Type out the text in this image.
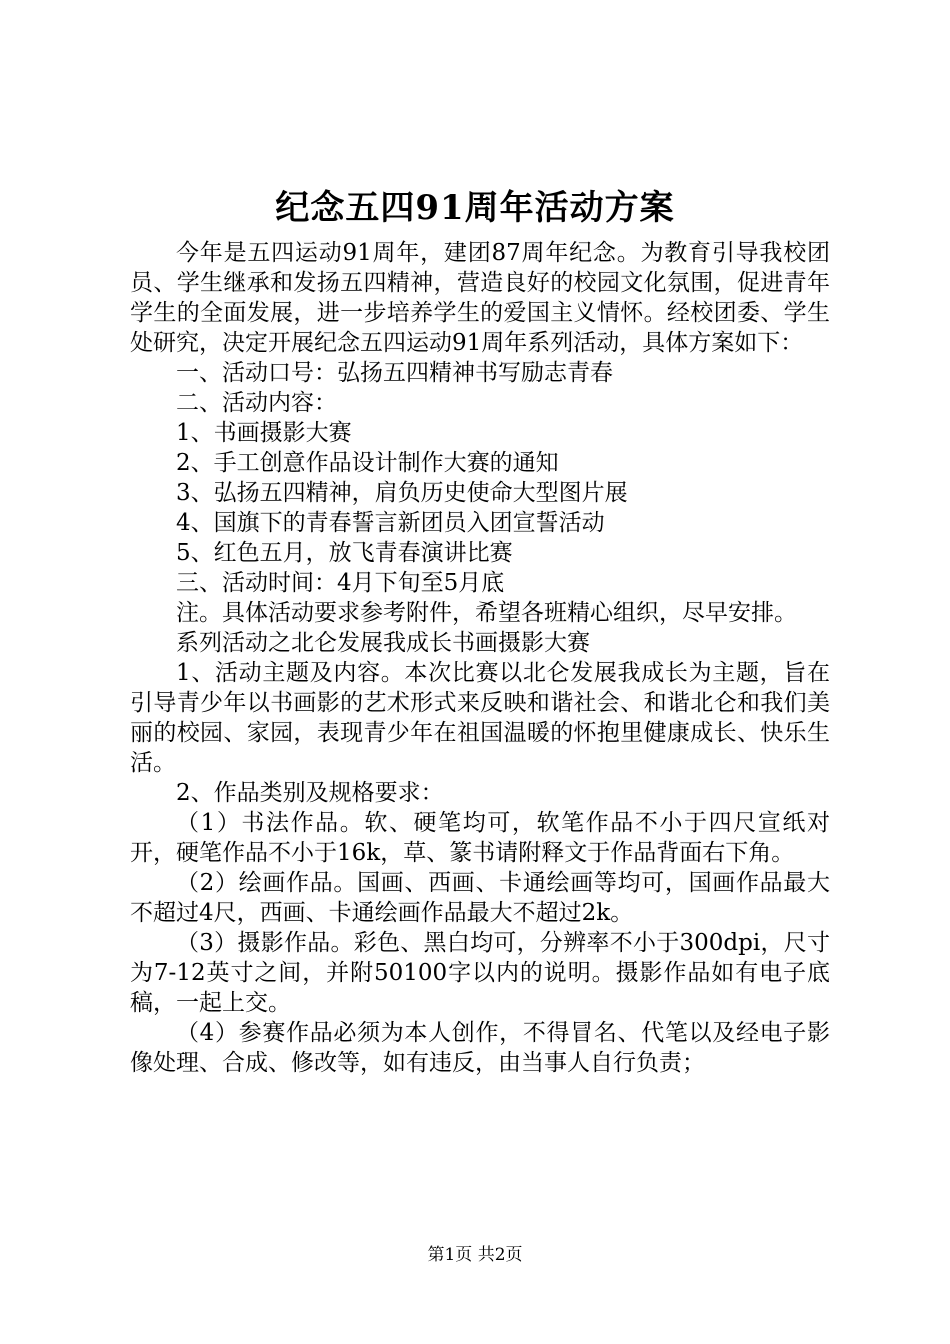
纪念五四91周年活动方案

今年是五四运动91周年，建团87周年纪念。为教育引导我校团员、学生继承和发扬五四精神，营造良好的校园文化氛围，促进青年学生的全面发展，进一步培养学生的爱国主义情怀。经校团委、学生处研究，决定开展纪念五四运动91周年系列活动，具体方案如下：

一、活动口号：弘扬五四精神书写励志青春

二、活动内容：

1、书画摄影大赛

2、手工创意作品设计制作大赛的通知

3、弘扬五四精神，肩负历史使命大型图片展

4、国旗下的青春誓言新团员入团宣誓活动

5、红色五月，放飞青春演讲比赛

三、活动时间：4月下旬至5月底

注。具体活动要求参考附件，希望各班精心组织，尽早安排。

系列活动之北仑发展我成长书画摄影大赛

1、活动主题及内容。本次比赛以北仑发展我成长为主题，旨在引导青少年以书画影的艺术形式来反映和谐社会、和谐北仑和我们美丽的校园、家园，表现青少年在祖国温暖的怀抱里健康成长、快乐生活。

2、作品类别及规格要求：

（1）书法作品。软、硬笔均可，软笔作品不小于四尺宣纸对开，硬笔作品不小于16k，草、篆书请附释文于作品背面右下角。

（2）绘画作品。国画、西画、卡通绘画等均可，国画作品最大不超过4尺，西画、卡通绘画作品最大不超过2k。

（3）摄影作品。彩色、黑白均可，分辨率不小于300dpi，尺寸为7-12英寸之间，并附50100字以内的说明。摄影作品如有电子底稿，一起上交。

（4）参赛作品必须为本人创作，不得冒名、代笔以及经电子影像处理、合成、修改等，如有违反，由当事人自行负责；

第1页 共2页
